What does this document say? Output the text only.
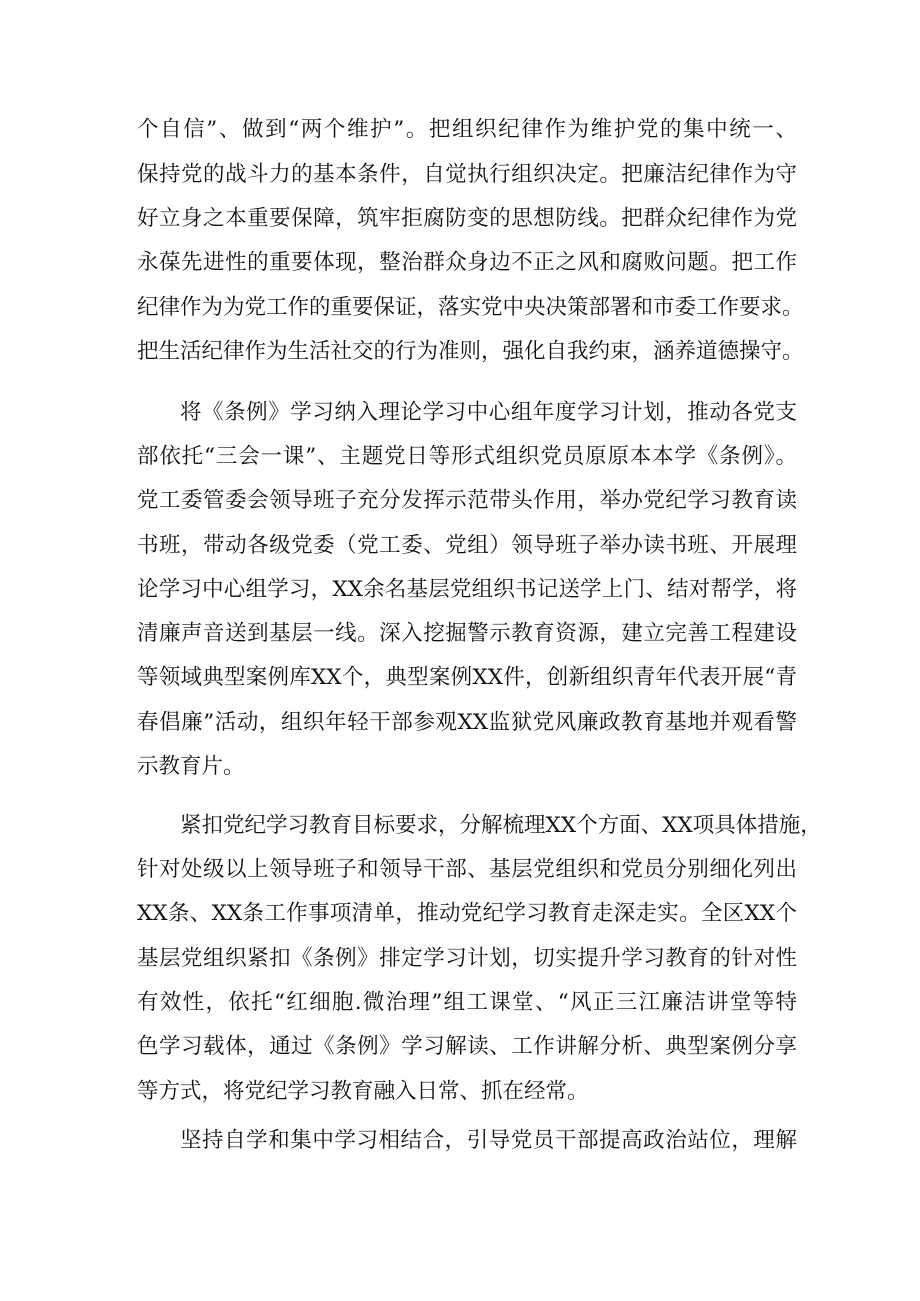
个自信”、做到“两个维护”。把组织纪律作为维护党的集中统一、
保持党的战斗力的基本条件，自觉执行组织决定。把廉洁纪律作为守
好立身之本重要保障，筑牢拒腐防变的思想防线。把群众纪律作为党
永葆先进性的重要体现，整治群众身边不正之风和腐败问题。把工作
纪律作为为党工作的重要保证，落实党中央决策部署和市委工作要求。
把生活纪律作为生活社交的行为准则，强化自我约束，涵养道德操守。
将《条例》学习纳入理论学习中心组年度学习计划，推动各党支
部依托“三会一课”、主题党日等形式组织党员原原本本学《条例》。
党工委管委会领导班子充分发挥示范带头作用，举办党纪学习教育读
书班，带动各级党委（党工委、党组）领导班子举办读书班、开展理
论学习中心组学习，XX余名基层党组织书记送学上门、结对帮学，将
清廉声音送到基层一线。深入挖掘警示教育资源，建立完善工程建设
等领域典型案例库XX个，典型案例XX件，创新组织青年代表开展“青
春倡廉”活动，组织年轻干部参观XX监狱党风廉政教育基地并观看警
示教育片。
紧扣党纪学习教育目标要求，分解梳理XX个方面、XX项具体措施，
针对处级以上领导班子和领导干部、基层党组织和党员分别细化列出
XX条、XX条工作事项清单，推动党纪学习教育走深走实。全区XX个
基层党组织紧扣《条例》排定学习计划，切实提升学习教育的针对性
有效性，依托“红细胞.微治理”组工课堂、“风正三江廉洁讲堂等特
色学习载体，通过《条例》学习解读、工作讲解分析、典型案例分享
等方式，将党纪学习教育融入日常、抓在经常。
坚持自学和集中学习相结合，引导党员干部提高政治站位，理解
